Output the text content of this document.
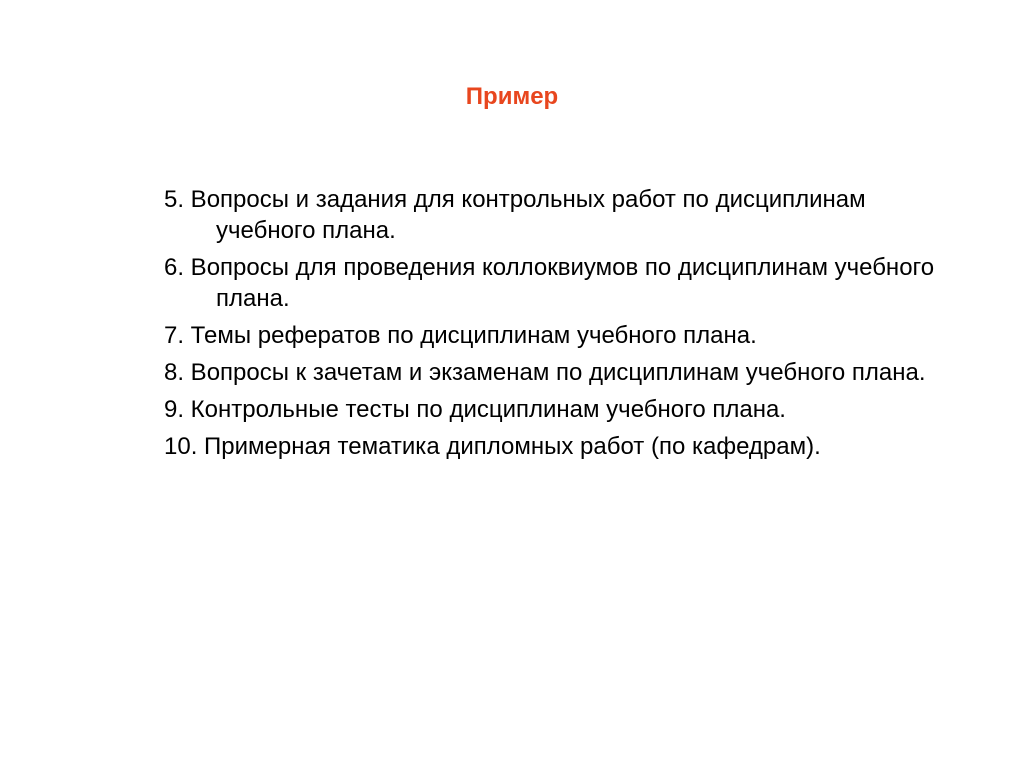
Пример
5. Вопросы и задания для контрольных работ по дисциплинам учебного плана.
6. Вопросы для проведения коллоквиумов по дисциплинам учебного плана.
7. Темы рефератов по дисциплинам учебного плана.
8. Вопросы к зачетам и экзаменам по дисциплинам учебного плана.
9. Контрольные тесты по дисциплинам учебного плана.
10. Примерная тематика дипломных работ (по кафедрам).
